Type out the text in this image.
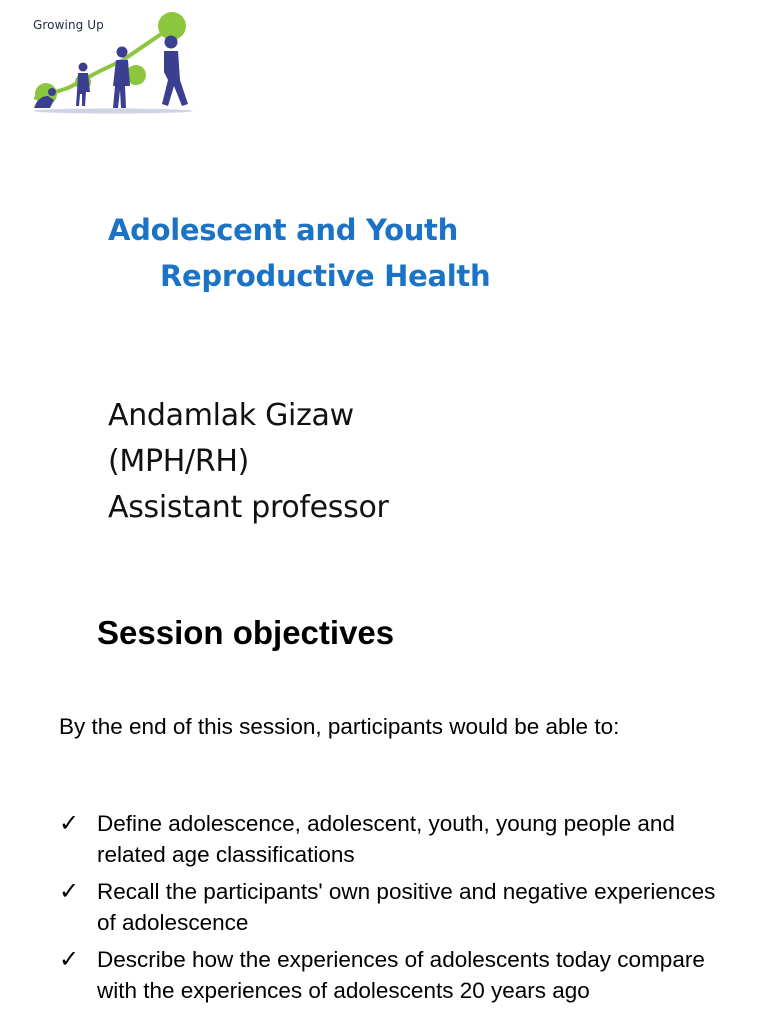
Growing Up
Adolescent and Youth
Reproductive Health
Andamlak Gizaw
(MPH/RH)
Assistant professor
Session objectives
By the end of this session, participants would be able to:
✓ Define adolescence, adolescent, youth, young people and related age classifications
✓ Recall the participants' own positive and negative experiences of adolescence
✓ Describe how the experiences of adolescents today compare with the experiences of adolescents 20 years ago
